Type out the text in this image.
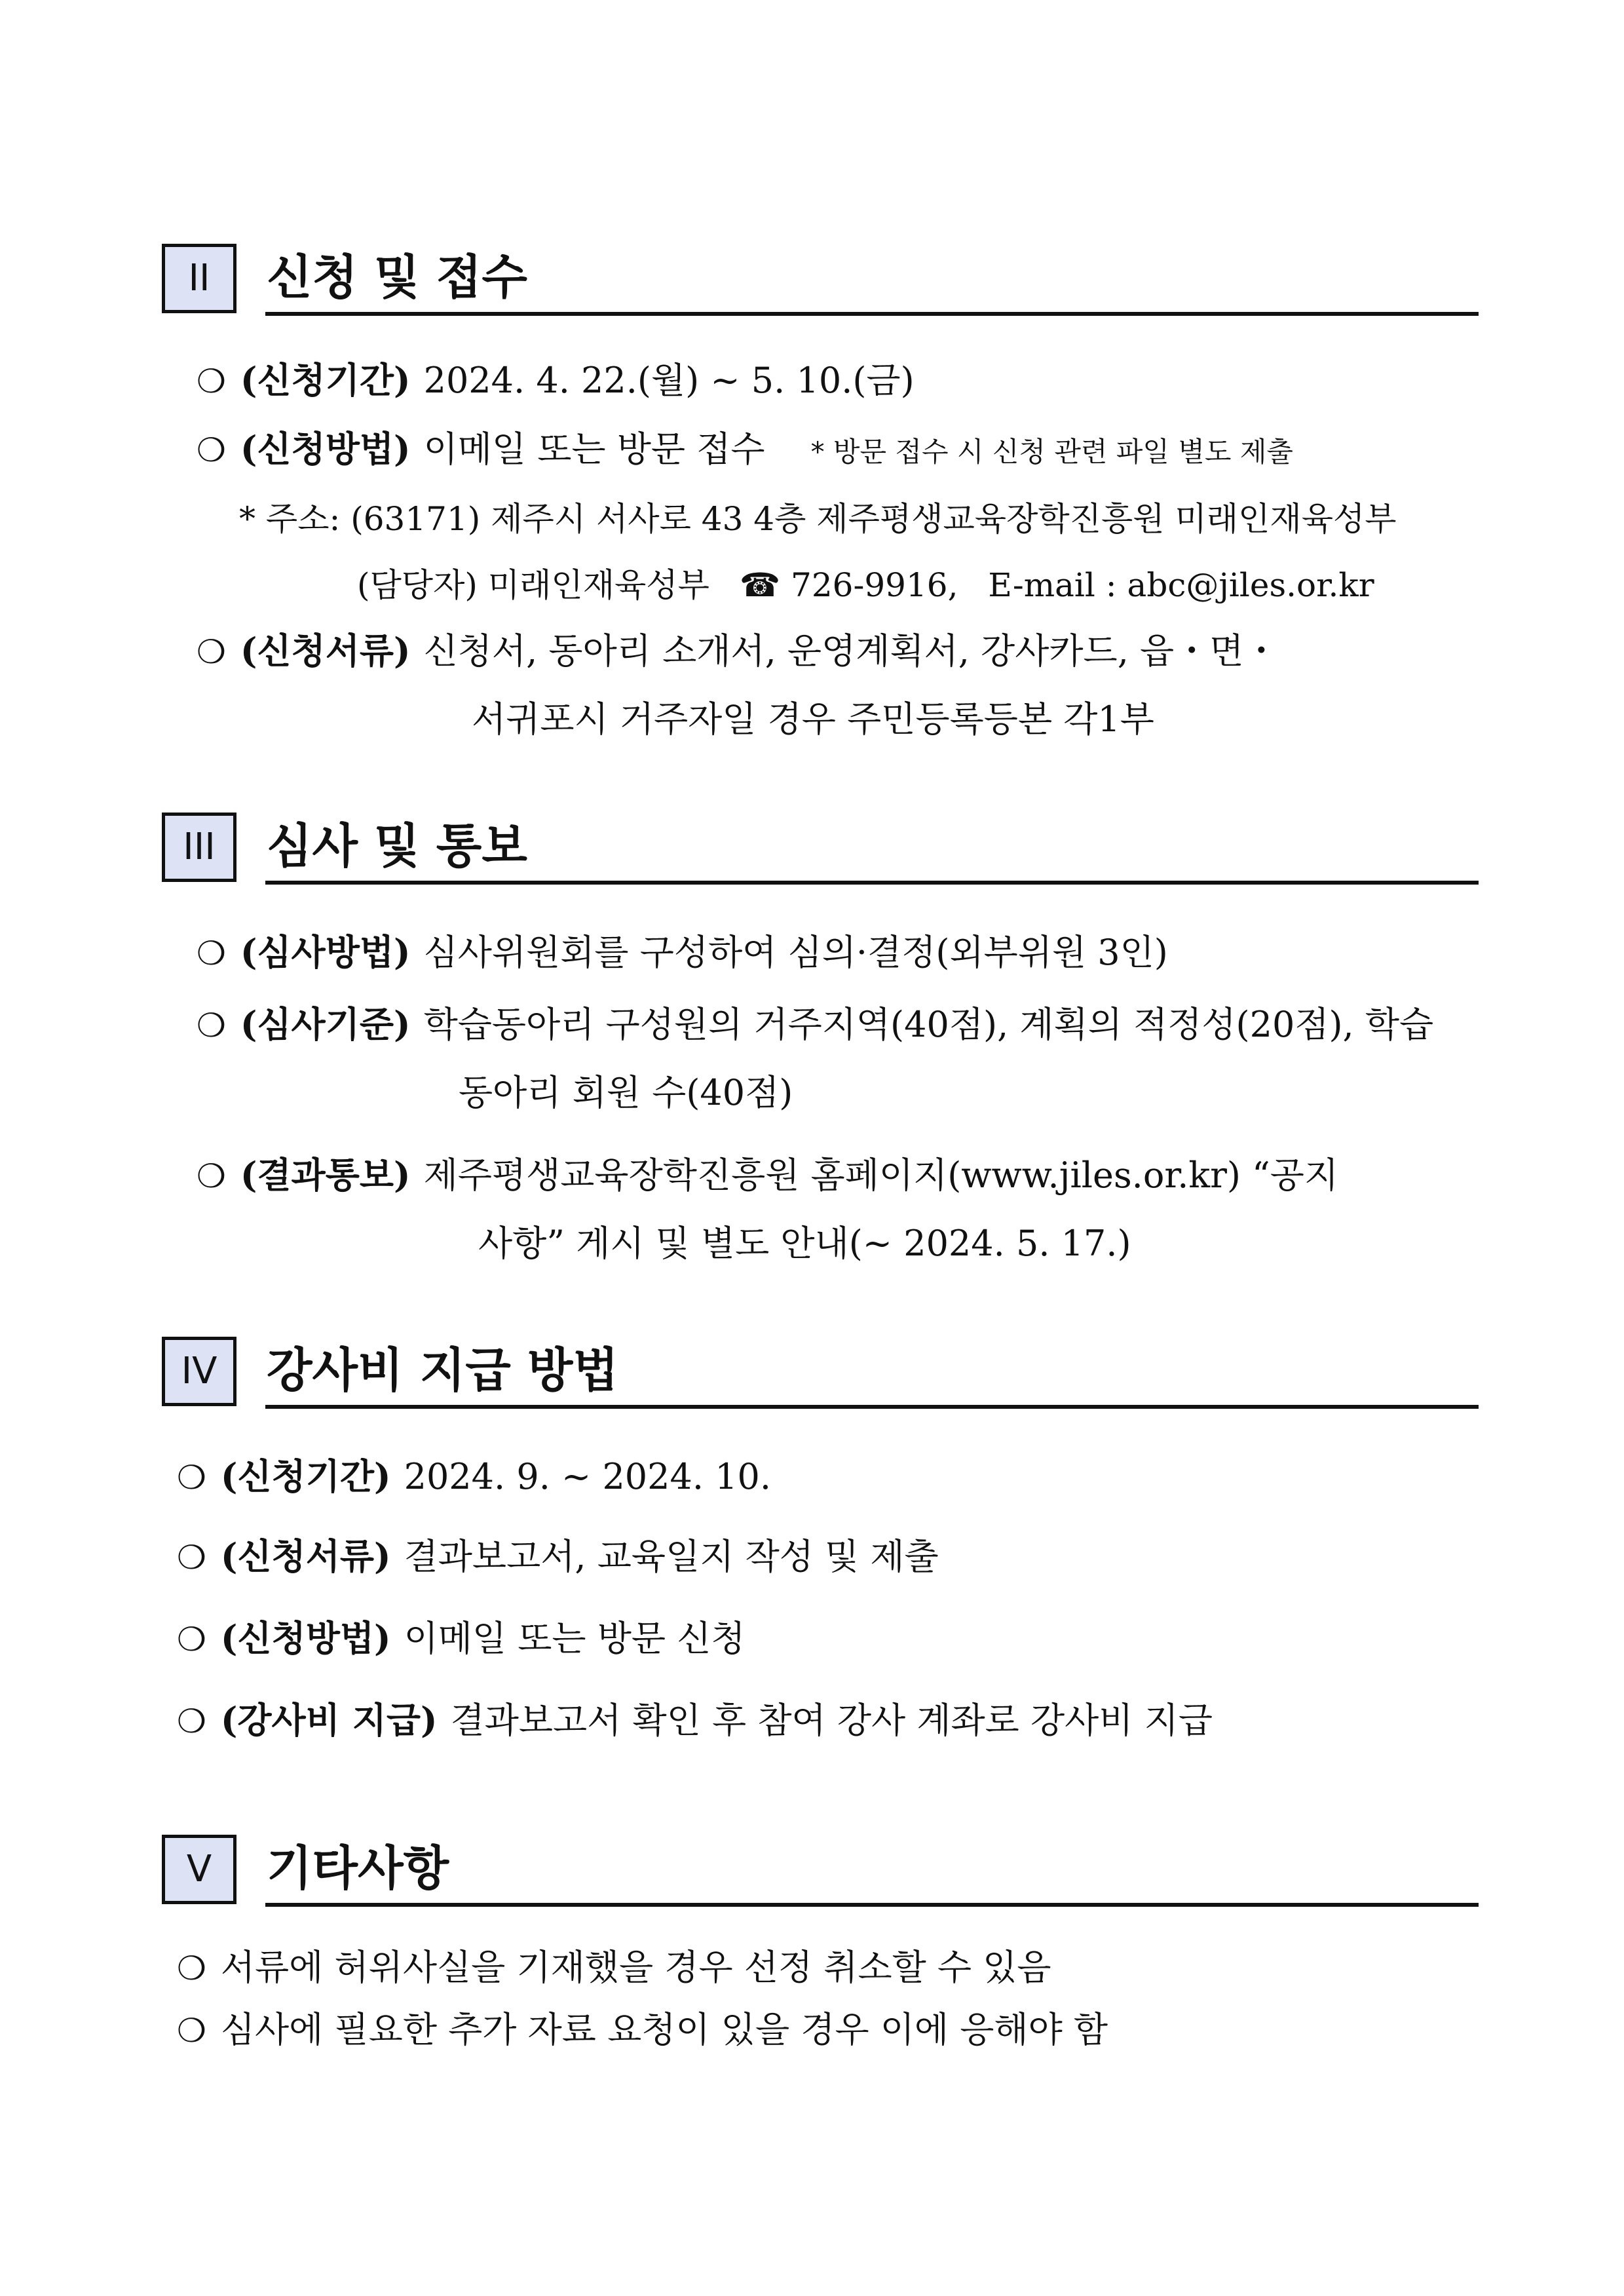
II	신청 및 접수
❍ (신청기간) 2024. 4. 22.(월) ~ 5. 10.(금)
❍ (신청방법) 이메일 또는 방문 접수 * 방문 접수 시 신청 관련 파일 별도 제출
* 주소: (63171) 제주시 서사로 43 4층 제주평생교육장학진흥원 미래인재육성부
(담당자) 미래인재육성부 ☎ 726-9916, E-mail : abc@jiles.or.kr
❍ (신청서류) 신청서, 동아리 소개서, 운영계획서, 강사카드, 읍・면・
서귀포시 거주자일 경우 주민등록등본 각1부
III	심사 및 통보
❍ (심사방법) 심사위원회를 구성하여 심의·결정(외부위원 3인)
❍ (심사기준) 학습동아리 구성원의 거주지역(40점), 계획의 적정성(20점), 학습
동아리 회원 수(40점)
❍ (결과통보) 제주평생교육장학진흥원 홈페이지(www.jiles.or.kr) “공지
사항” 게시 및 별도 안내(~ 2024. 5. 17.)
IV	강사비 지급 방법
❍ (신청기간) 2024. 9. ~ 2024. 10.
❍ (신청서류) 결과보고서, 교육일지 작성 및 제출
❍ (신청방법) 이메일 또는 방문 신청
❍ (강사비 지급) 결과보고서 확인 후 참여 강사 계좌로 강사비 지급
V	기타사항
❍ 서류에 허위사실을 기재했을 경우 선정 취소할 수 있음
❍ 심사에 필요한 추가 자료 요청이 있을 경우 이에 응해야 함
